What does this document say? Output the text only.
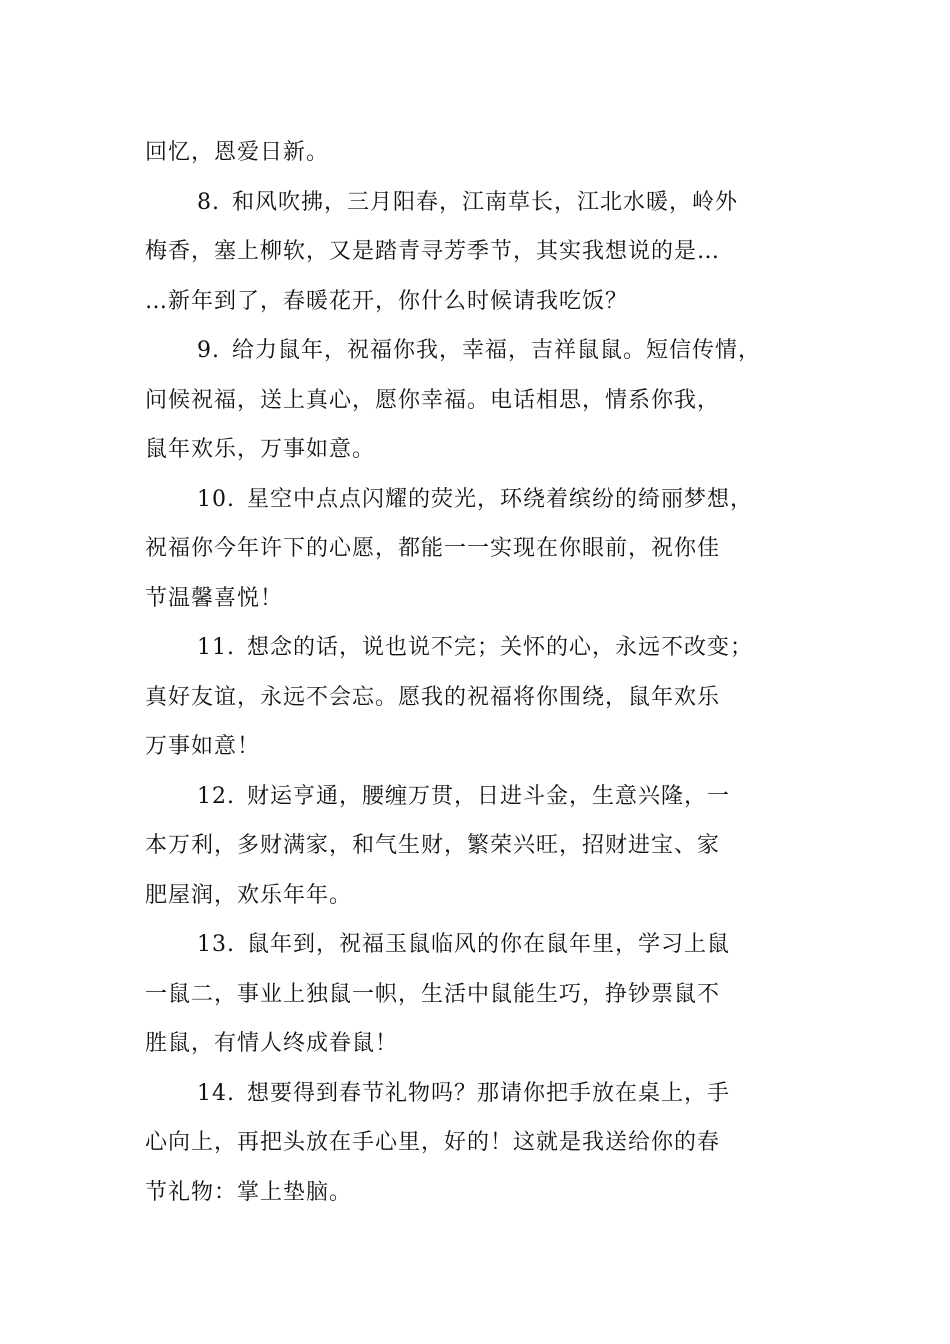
回忆，恩爱日新。
8. 和风吹拂，三月阳春，江南草长，江北水暖，岭外
梅香，塞上柳软，又是踏青寻芳季节，其实我想说的是…
…新年到了，春暖花开，你什么时候请我吃饭？
9. 给力鼠年，祝福你我，幸福，吉祥鼠鼠。短信传情，
问候祝福，送上真心，愿你幸福。电话相思，情系你我，
鼠年欢乐，万事如意。
10. 星空中点点闪耀的荧光，环绕着缤纷的绮丽梦想，
祝福你今年许下的心愿，都能一一实现在你眼前，祝你佳
节温馨喜悦！
11. 想念的话，说也说不完；关怀的心，永远不改变；
真好友谊，永远不会忘。愿我的祝福将你围绕，鼠年欢乐
万事如意！
12. 财运亨通，腰缠万贯，日进斗金，生意兴隆，一
本万利，多财满家，和气生财，繁荣兴旺，招财进宝、家
肥屋润，欢乐年年。
13. 鼠年到，祝福玉鼠临风的你在鼠年里，学习上鼠
一鼠二，事业上独鼠一帜，生活中鼠能生巧，挣钞票鼠不
胜鼠，有情人终成眷鼠！
14. 想要得到春节礼物吗？那请你把手放在桌上，手
心向上，再把头放在手心里，好的！这就是我送给你的春
节礼物：掌上垫脑。
